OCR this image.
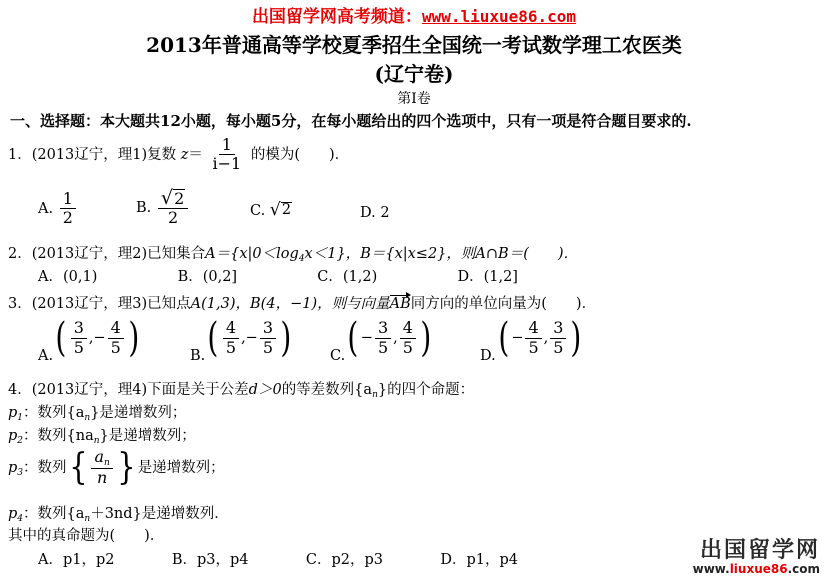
出国留学网高考频道：www.liuxue86.com
2013年普通高等学校夏季招生全国统一考试数学理工农医类
(辽宁卷)
第Ⅰ卷
一、选择题：本大题共12小题，每小题5分，在每小题给出的四个选项中，只有一项是符合题目要求的.
1．(2013辽宁，理1)复数 $z= \frac{1}{i-1}$ 的模为(　　)．
A. $\frac{1}{2}$	B. $\frac{√ 2}{2}$	C. √ 2	D. 2
2．(2013辽宁，理2)已知集合$A=\{x|0<\log_4x<1\}$，B＝{x|x≤2}，则A∩B＝(　　)．
A．(0,1)	B．(0,2]	C．(1,2)	D．(1,2]
3．(2013辽宁，理3)已知点A(1,3)，B(4，−1)，则与向量AB同方向的单位向量为(　　)．
$A.( \frac{3}{5}$ ,− $\frac{4}{5}$ )	$B.( \frac{4}{5}$ ,− $\frac{3}{5}$ )	$C.( - \frac{3}{5}$ , $\frac{4}{5}$ )	$D.( - \frac{4}{5}$ , $\frac{3}{5}$ )
4．(2013辽宁，理4)下面是关于公差d＞0的等差数列$\{a_n\}$的四个命题：
$p_1$：数列$\{a_n\}$是递增数列；
$p_2$：数列$\{na_n\}$是递增数列；
$p_3$：数列{ $\frac{a_n}{n}$ } 是递增数列；
$p_4$：数列$\{a_n+3nd\}$是递增数列．
其中的真命题为(　　)．
A．p1，p2	B．p3，p4	C．p2，p3	D．p1，p4	出国留学网
www.liuxue86.com
